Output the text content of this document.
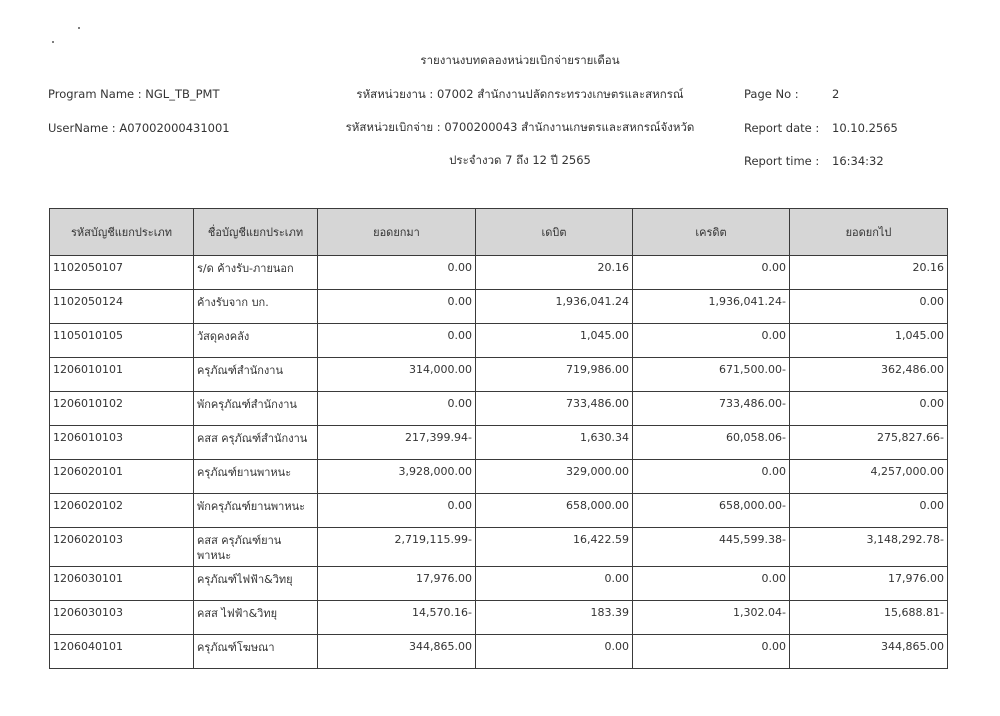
รายงานงบทดลองหน่วยเบิกจ่ายรายเดือน
Program Name : NGL_TB_PMT
UserName : A07002000431001
รหัสหน่วยงาน : 07002 สำนักงานปลัดกระทรวงเกษตรและสหกรณ์
รหัสหน่วยเบิกจ่าย : 0700200043 สำนักงานเกษตรและสหกรณ์จังหวัด
ประจำงวด 7 ถึง 12 ปี 2565
Page No :	2
Report date : 10.10.2565
Report time : 16:34:32
รหัสบัญชีแยกประเภท	ชื่อบัญชีแยกประเภท	ยอดยกมา	เดบิต	เครดิต	ยอดยกไป
1102050107	ร/ด ค้างรับ-ภายนอก	0.00	20.16	0.00	20.16
1102050124	ค้างรับจาก บก.	0.00	1,936,041.24	1,936,041.24-	0.00
1105010105	วัสดุคงคลัง	0.00	1,045.00	0.00	1,045.00
1206010101	ครุภัณฑ์สำนักงาน	314,000.00	719,986.00	671,500.00-	362,486.00
1206010102	พักครุภัณฑ์สำนักงาน	0.00	733,486.00	733,486.00-	0.00
1206010103	คสส ครุภัณฑ์สำนักงาน	217,399.94-	1,630.34	60,058.06-	275,827.66-
1206020101	ครุภัณฑ์ยานพาหนะ	3,928,000.00	329,000.00	0.00	4,257,000.00
1206020102	พักครุภัณฑ์ยานพาหนะ	0.00	658,000.00	658,000.00-	0.00
1206020103	คสส ครุภัณฑ์ยานพาหนะ	2,719,115.99-	16,422.59	445,599.38-	3,148,292.78-
1206030101	ครุภัณฑ์ไฟฟ้า&วิทยุ	17,976.00	0.00	0.00	17,976.00
1206030103	คสส ไฟฟ้า&วิทยุ	14,570.16-	183.39	1,302.04-	15,688.81-
1206040101	ครุภัณฑ์โฆษณา	344,865.00	0.00	0.00	344,865.00
